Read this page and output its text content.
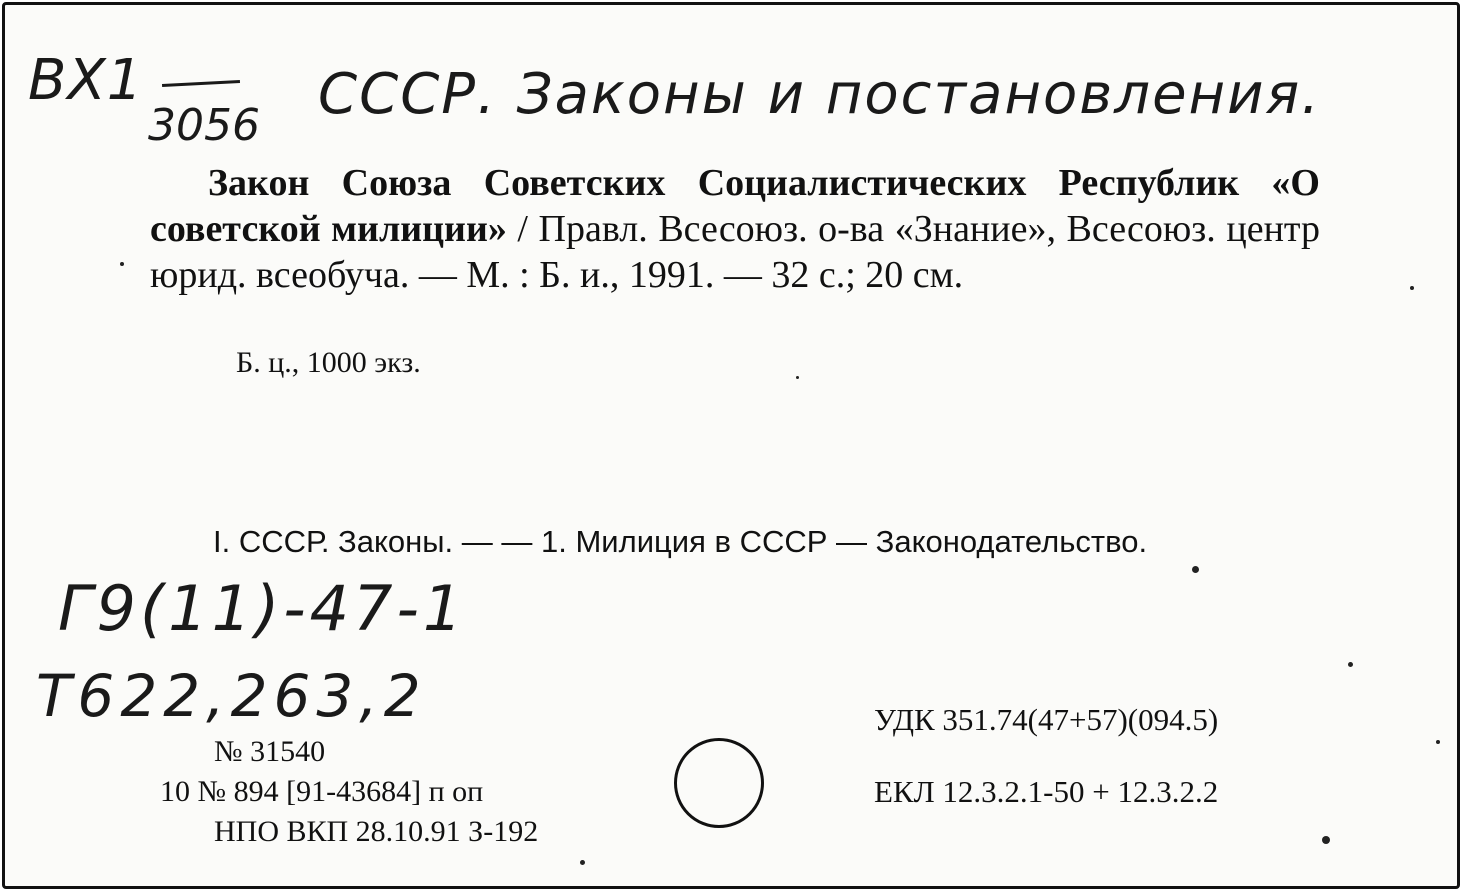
ВХ1
3056 СССР. Законы и постановления.
Закон Союза Советских Социалистических Республик «О советской милиции» / Правл. Всесоюз. о-ва «Знание», Всесоюз. центр юрид. всеобуча. — М. : Б. и., 1991. — 32 с.; 20 см.
Б. ц., 1000 экз.
I. СССР. Законы. — — 1. Милиция в СССР — Законодательство.
Г9(11)-47-1
Т622,263,2
№ 31540
10 № 894 [91-43684] п оп
НПО ВКП 28.10.91 З-192
УДК 351.74(47+57)(094.5)
ЕКЛ 12.3.2.1-50 + 12.3.2.2
